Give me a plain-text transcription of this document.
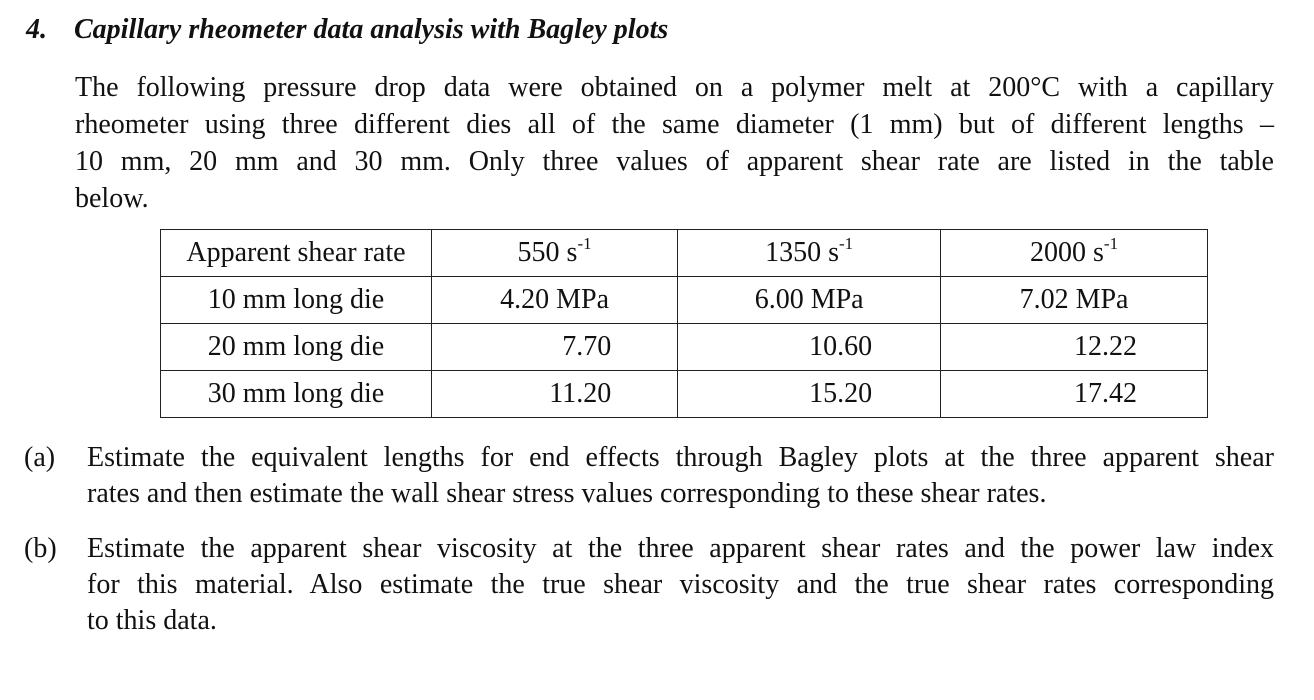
4. Capillary rheometer data analysis with Bagley plots
The following pressure drop data were obtained on a polymer melt at 200°C with a capillary
rheometer using three different dies all of the same diameter (1 mm) but of different lengths –
10 mm, 20 mm and 30 mm. Only three values of apparent shear rate are listed in the table
below.
Apparent shear rate	550 $s^{-1}$	1350 $s^{-1}$	2000 $s^{-1}$
10 mm long die	4.20 MPa	6.00 MPa	7.02 MPa
20 mm long die	7.70	10.60	12.22
30 mm long die	11.20	15.20	17.42
(a) Estimate the equivalent lengths for end effects through Bagley plots at the three apparent shear
rates and then estimate the wall shear stress values corresponding to these shear rates.
(b) Estimate the apparent shear viscosity at the three apparent shear rates and the power law index
for this material. Also estimate the true shear viscosity and the true shear rates corresponding
to this data.
